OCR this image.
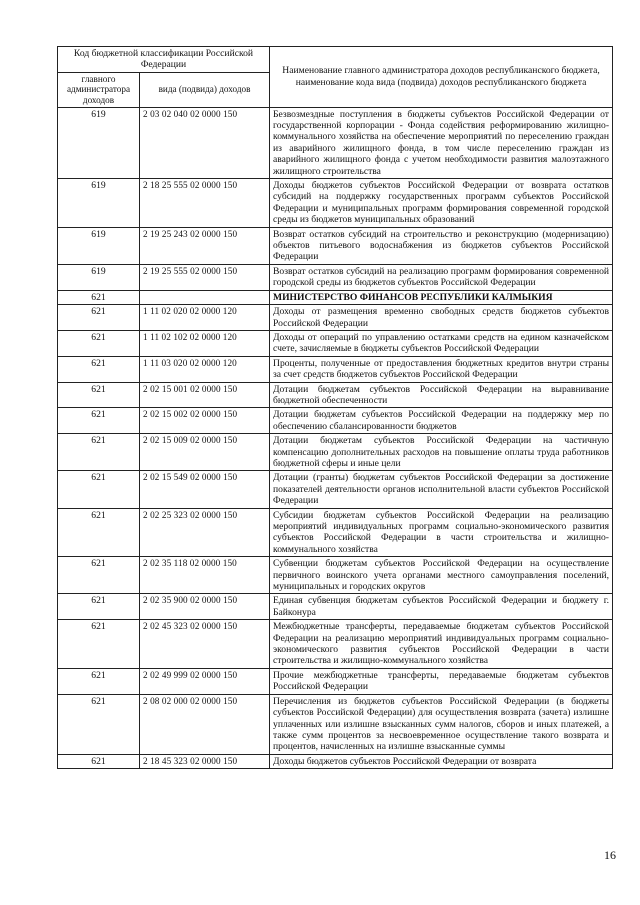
Код бюджетной классификации Российской Федерации		Наименование главного администратора доходов республиканского бюджета, наименование кода вида (подвида) доходов республиканского бюджета
главного администратора доходов	вида (подвида) доходов	
619	2 03 02 040 02 0000 150	Безвозмездные поступления в бюджеты субъектов Российской Федерации от государственной корпорации - Фонда содействия реформированию жилищно-коммунального хозяйства на обеспечение мероприятий по переселению граждан из аварийного жилищного фонда, в том числе переселению граждан из аварийного жилищного фонда с учетом необходимости развития малоэтажного жилищного строительства
619	2 18 25 555 02 0000 150	Доходы бюджетов субъектов Российской Федерации от возврата остатков субсидий на поддержку государственных программ субъектов Российской Федерации и муниципальных программ формирования современной городской среды из бюджетов муниципальных образований
619	2 19 25 243 02 0000 150	Возврат остатков субсидий на строительство и реконструкцию (модернизацию) объектов питьевого водоснабжения из бюджетов субъектов Российской Федерации
619	2 19 25 555 02 0000 150	Возврат остатков субсидий на реализацию программ формирования современной городской среды из бюджетов субъектов Российской Федерации
621		МИНИСТЕРСТВО ФИНАНСОВ РЕСПУБЛИКИ КАЛМЫКИЯ
621	1 11 02 020 02 0000 120	Доходы от размещения временно свободных средств бюджетов субъектов Российской Федерации
621	1 11 02 102 02 0000 120	Доходы от операций по управлению остатками средств на едином казначейском счете, зачисляемые в бюджеты субъектов Российской Федерации
621	1 11 03 020 02 0000 120	Проценты, полученные от предоставления бюджетных кредитов внутри страны за счет средств бюджетов субъектов Российской Федерации
621	2 02 15 001 02 0000 150	Дотации бюджетам субъектов Российской Федерации на выравнивание бюджетной обеспеченности
621	2 02 15 002 02 0000 150	Дотации бюджетам субъектов Российской Федерации на поддержку мер по обеспечению сбалансированности бюджетов
621	2 02 15 009 02 0000 150	Дотации бюджетам субъектов Российской Федерации на частичную компенсацию дополнительных расходов на повышение оплаты труда работников бюджетной сферы и иные цели
621	2 02 15 549 02 0000 150	Дотации (гранты) бюджетам субъектов Российской Федерации за достижение показателей деятельности органов исполнительной власти субъектов Российской Федерации
621	2 02 25 323 02 0000 150	Субсидии бюджетам субъектов Российской Федерации на реализацию мероприятий индивидуальных программ социально-экономического развития субъектов Российской Федерации в части строительства и жилищно-коммунального хозяйства
621	2 02 35 118 02 0000 150	Субвенции бюджетам субъектов Российской Федерации на осуществление первичного воинского учета органами местного самоуправления поселений, муниципальных и городских округов
621	2 02 35 900 02 0000 150	Единая субвенция бюджетам субъектов Российской Федерации и бюджету г. Байконура
621	2 02 45 323 02 0000 150	Межбюджетные трансферты, передаваемые бюджетам субъектов Российской Федерации на реализацию мероприятий индивидуальных программ социально-экономического развития субъектов Российской Федерации в части строительства и жилищно-коммунального хозяйства
621	2 02 49 999 02 0000 150	Прочие межбюджетные трансферты, передаваемые бюджетам субъектов Российской Федерации
621	2 08 02 000 02 0000 150	Перечисления из бюджетов субъектов Российской Федерации (в бюджеты субъектов Российской Федерации) для осуществления возврата (зачета) излишне уплаченных или излишне взысканных сумм налогов, сборов и иных платежей, а также сумм процентов за несвоевременное осуществление такого возврата и процентов, начисленных на излишне взысканные суммы
621	2 18 45 323 02 0000 150	Доходы бюджетов субъектов Российской Федерации от возврата
16
